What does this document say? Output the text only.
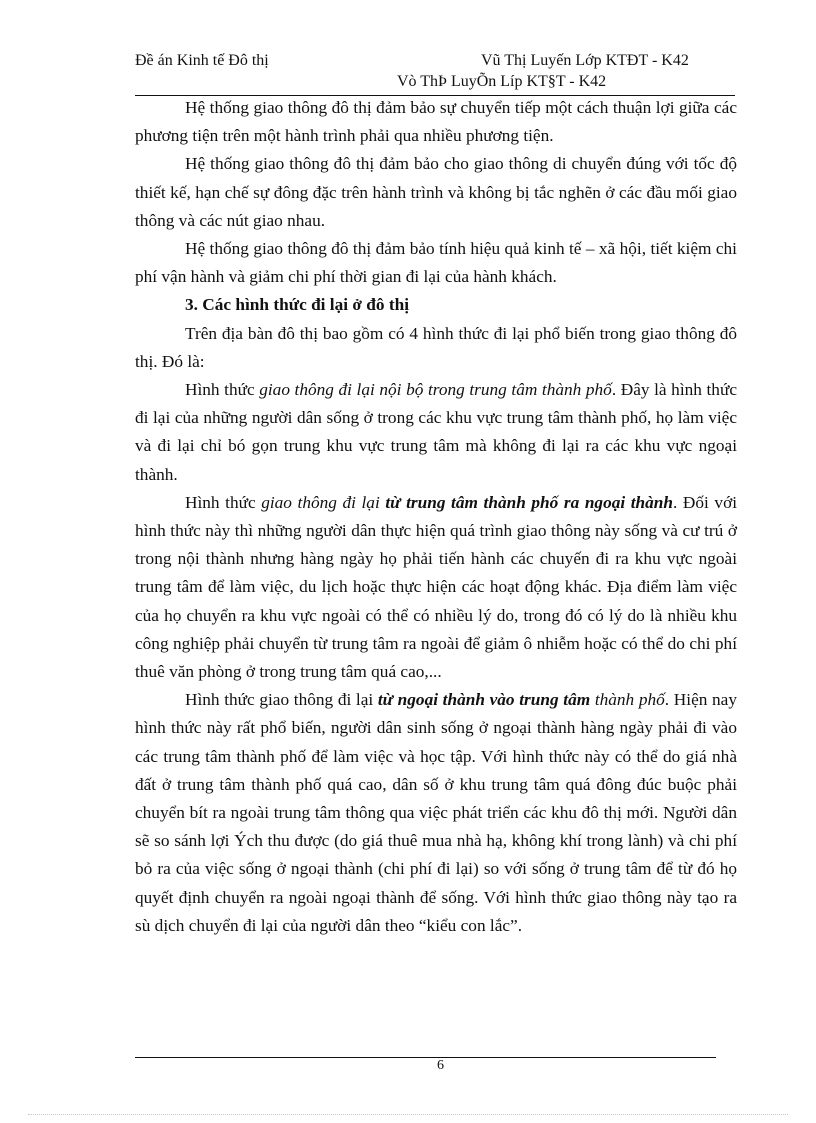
Đề án Kinh tế Đô thị	Vũ Thị Luyến Lớp KTĐT - K42
Vò ThÞ LuyÕn Líp KT§T - K42

Hệ thống giao thông đô thị đảm bảo sự chuyển tiếp một cách thuận lợi giữa các phương tiện trên một hành trình phải qua nhiều phương tiện.

Hệ thống giao thông đô thị đảm bảo cho giao thông di chuyển đúng với tốc độ thiết kế, hạn chế sự đông đặc trên hành trình và không bị tắc nghẽn ở các đầu mối giao thông và các nút giao nhau.

Hệ thống giao thông đô thị đảm bảo tính hiệu quả kinh tế – xã hội, tiết kiệm chi phí vận hành và giảm chi phí thời gian đi lại của hành khách.

3. Các hình thức đi lại ở đô thị

Trên địa bàn đô thị bao gồm có 4 hình thức đi lại phổ biến trong giao thông đô thị. Đó là:

Hình thức giao thông đi lại nội bộ trong trung tâm thành phố. Đây là hình thức đi lại của những người dân sống ở trong các khu vực trung tâm thành phố, họ làm việc và đi lại chỉ bó gọn trung khu vực trung tâm mà không đi lại ra các khu vực ngoại thành.

Hình thức giao thông đi lại từ trung tâm thành phố ra ngoại thành. Đối với hình thức này thì những người dân thực hiện quá trình giao thông này sống và cư trú ở trong nội thành nhưng hàng ngày họ phải tiến hành các chuyến đi ra khu vực ngoài trung tâm để làm việc, du lịch hoặc thực hiện các hoạt động khác. Địa điểm làm việc của họ chuyển ra khu vực ngoài có thể có nhiều lý do, trong đó có lý do là nhiều khu công nghiệp phải chuyển từ trung tâm ra ngoài để giảm ô nhiễm hoặc có thể do chi phí thuê văn phòng ở trong trung tâm quá cao,...

Hình thức giao thông đi lại từ ngoại thành vào trung tâm thành phố. Hiện nay hình thức này rất phổ biến, người dân sinh sống ở ngoại thành hàng ngày phải đi vào các trung tâm thành phố để làm việc và học tập. Với hình thức này có thể do giá nhà đất ở trung tâm thành phố quá cao, dân số ở khu trung tâm quá đông đúc buộc phải chuyển bít ra ngoài trung tâm thông qua việc phát triển các khu đô thị mới. Người dân sẽ so sánh lợi Ých thu được (do giá thuê mua nhà hạ, không khí trong lành) và chi phí bỏ ra của việc sống ở ngoại thành (chi phí đi lại) so với sống ở trung tâm để từ đó họ quyết định chuyển ra ngoài ngoại thành để sống. Với hình thức giao thông này tạo ra sù dịch chuyển đi lại của người dân theo “kiểu con lắc”.

6
